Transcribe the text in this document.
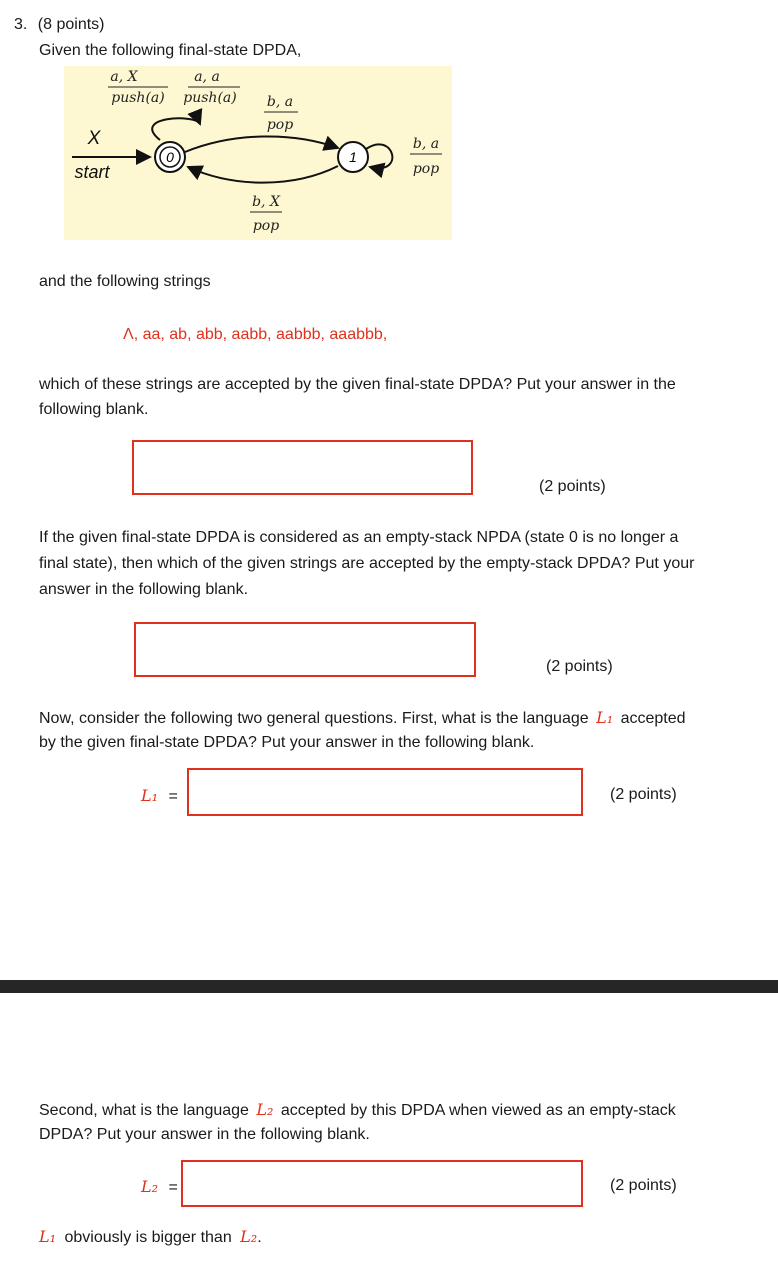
3. (8 points)
Given the following final-state DPDA,
a, X
push(a)
a, a
push(a) b, a
pop
b, a
pop
b, X
pop
X
start
0	1
and the following strings
Λ, aa, ab, abb, aabb, aabbb, aaabbb,
which of these strings are accepted by the given final-state DPDA? Put your answer in the
following blank.
(2 points)
If the given final-state DPDA is considered as an empty-stack NPDA (state 0 is no longer a
final state), then which of the given strings are accepted by the empty-stack DPDA? Put your
answer in the following blank.
(2 points)
Now, consider the following two general questions. First, what is the language L₁ accepted
by the given final-state DPDA? Put your answer in the following blank.
L₁ =	(2 points)
Second, what is the language L₂ accepted by this DPDA when viewed as an empty-stack
DPDA? Put your answer in the following blank.
L₂ =	(2 points)
L₁ obviously is bigger than L₂.
